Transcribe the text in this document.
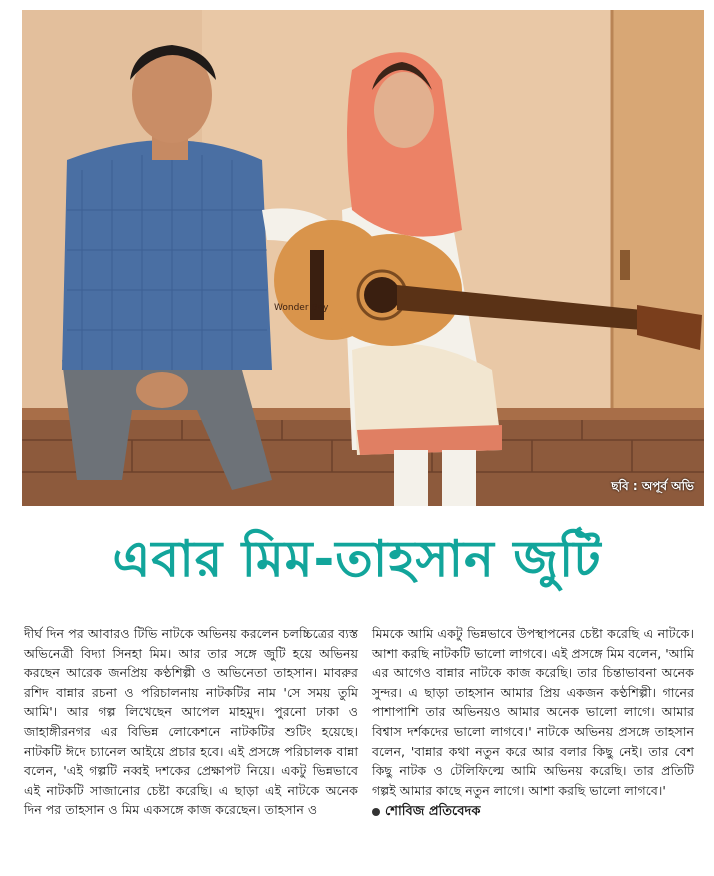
Wonder Boy
ছবি : অপূর্ব অভি
এবার মিম-তাহসান জুটি

দীর্ঘ দিন পর আবারও টিভি নাটকে অভিনয় করলেন চলচ্চিত্রের ব্যস্ত অভিনেত্রী বিদ্যা সিনহা মিম। আর তার সঙ্গে জুটি হয়ে অভিনয় করছেন আরেক জনপ্রিয় কণ্ঠশিল্পী ও অভিনেতা তাহসান। মাবরুর রশিদ বান্নার রচনা ও পরিচালনায় নাটকটির নাম 'সে সময় তুমি আমি'। আর গল্প লিখেছেন আপেল মাহমুদ। পুরনো ঢাকা ও জাহাঙ্গীরনগর এর বিভিন্ন লোকেশনে নাটকটির শুটিং হয়েছে। নাটকটি ঈদে চ্যানেল আইয়ে প্রচার হবে। এই প্রসঙ্গে পরিচালক বান্না বলেন, 'এই গল্পটি নব্বই দশকের প্রেক্ষাপট নিয়ে। একটু ভিন্নভাবে এই নাটকটি সাজানোর চেষ্টা করেছি। এ ছাড়া এই নাটকে অনেক দিন পর তাহসান ও মিম একসঙ্গে কাজ করেছেন। তাহসান ও

মিমকে আমি একটু ভিন্নভাবে উপস্থাপনের চেষ্টা করেছি এ নাটকে। আশা করছি নাটকটি ভালো লাগবে। এই প্রসঙ্গে মিম বলেন, 'আমি এর আগেও বান্নার নাটকে কাজ করেছি। তার চিন্তাভাবনা অনেক সুন্দর। এ ছাড়া তাহসান আমার প্রিয় একজন কণ্ঠশিল্পী। গানের পাশাপাশি তার অভিনয়ও আমার অনেক ভালো লাগে। আমার বিশ্বাস দর্শকদের ভালো লাগবে।' নাটকে অভিনয় প্রসঙ্গে তাহসান বলেন, 'বান্নার কথা নতুন করে আর বলার কিছু নেই। তার বেশ কিছু নাটক ও টেলিফিল্মে আমি অভিনয় করেছি। তার প্রতিটি গল্পই আমার কাছে নতুন লাগে। আশা করছি ভালো লাগবে।'

শোবিজ প্রতিবেদক
